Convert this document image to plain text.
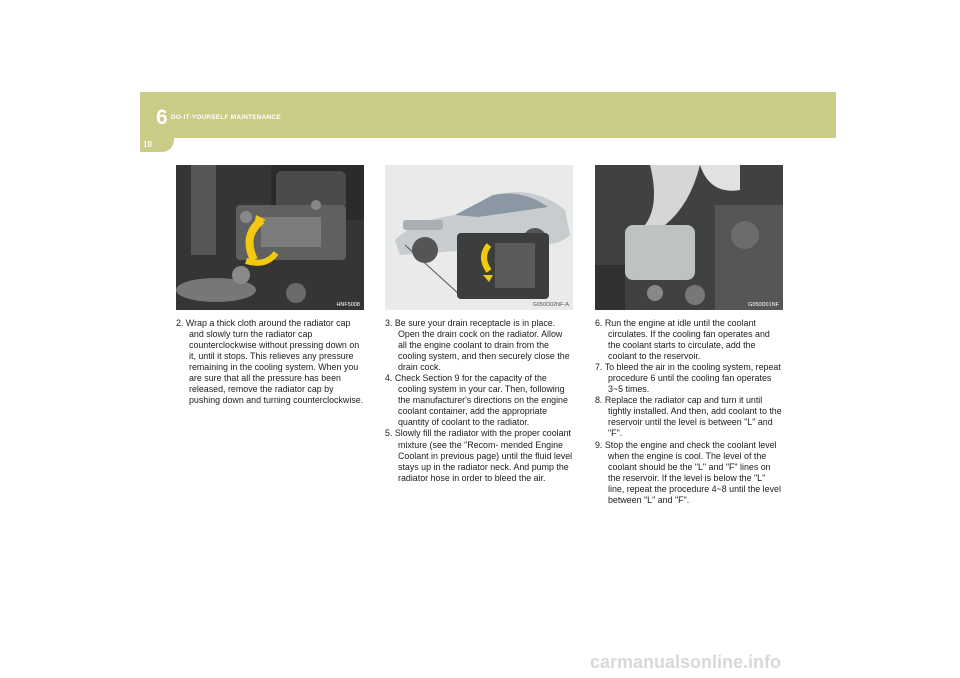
6 DO-IT-YOURSELF MAINTENANCE
10
HNF5008	G050D02NF-A	G050D01NF

2. Wrap a thick cloth around the radiator cap and slowly turn the radiator cap counterclockwise without pressing down on it, until it stops. This relieves any pressure remaining in the cooling system. When you are sure that all the pressure has been released, remove the radiator cap by pushing down and turning counterclockwise.

3. Be sure your drain receptacle is in place. Open the drain cock on the radiator. Allow all the engine coolant to drain from the cooling system, and then securely close the drain cock.

4. Check Section 9 for the capacity of the cooling system in your car. Then, following the manufacturer's directions on the engine coolant container, add the appropriate quantity of coolant to the radiator.

5. Slowly fill the radiator with the proper coolant mixture (see the "Recom- mended Engine Coolant in previous page) until the fluid level stays up in the radiator neck. And pump the radiator hose in order to bleed the air.

6. Run the engine at idle until the coolant circulates. If the cooling fan operates and the coolant starts to circulate, add the coolant to the reservoir.

7. To bleed the air in the cooling system, repeat procedure 6 until the cooling fan operates 3~5 times.

8. Replace the radiator cap and turn it until tightly installed. And then, add coolant to the reservoir until the level is between "L" and "F".

9. Stop the engine and check the coolant level when the engine is cool. The level of the coolant should be the "L" and "F" lines on the reservoir. If the level is below the "L" line, repeat the procedure 4~8 until the level between "L" and "F".

carmanualsonline.info
